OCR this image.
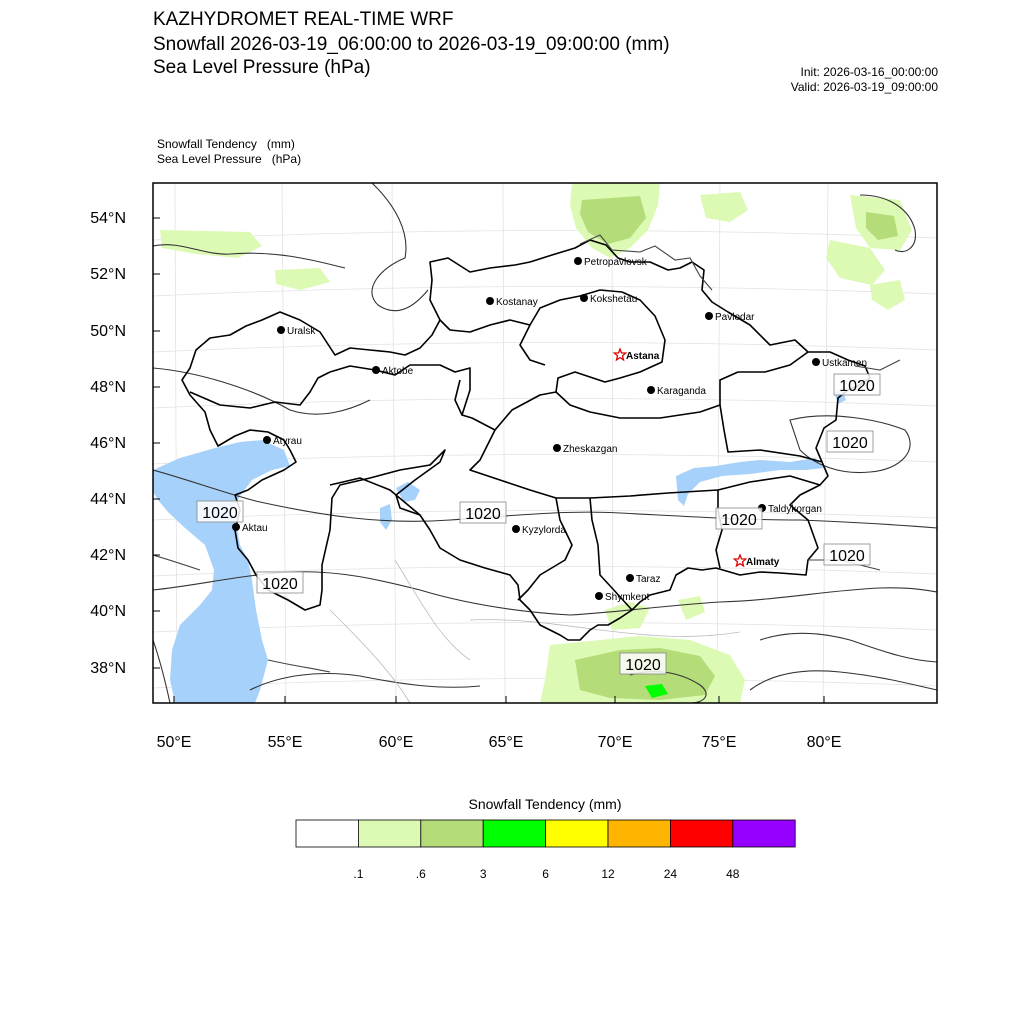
KAZHYDROMET REAL-TIME WRF
Snowfall 2026-03-19_06:00:00 to 2026-03-19_09:00:00 (mm)
Sea Level Pressure (hPa)	Init: 2026-03-16_00:00:00
Valid: 2026-03-19_09:00:00
Snowfall Tendency   (mm)
Sea Level Pressure   (hPa)
54°N
52°N
50°N
48°N
46°N
44°N
42°N
40°N
38°N
50°E	55°E	60°E	65°E	70°E	75°E	80°E
Petropavlovsk
Kostanay	Kokshetau
Pavlodar
Uralsk
Astana
Ustkamen
Aktobe
Karaganda
Atyrau
Zheskazgan
Aktau	Kyzylorda
Taldykorgan
Almaty
Taraz
Shymkent
1020	1020
1020
1020
1020
1020
1020
1020
Snowfall Tendency (mm)
.1	.6	3	6	12	24	48
